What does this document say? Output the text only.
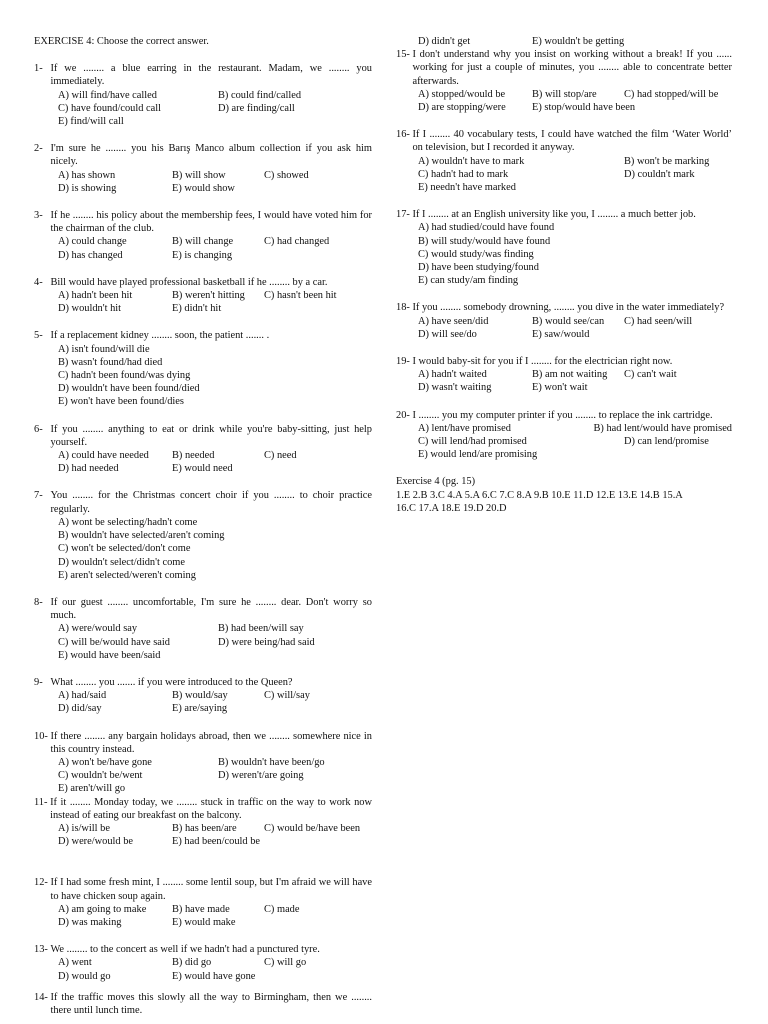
EXERCISE 4: Choose the correct answer.
1- If we ........ a blue earring in the restaurant. Madam, we ........ you immediately.
A) will find/have called	B) could find/called
C) have found/could call	D) are finding/call
E) find/will call
2- I'm sure he ........ you his Barış Manco album collection if you ask him nicely.
A) has shown	B) will show	C) showed
D) is showing	E) would show
3- If he ........ his policy about the membership fees, I would have voted him for the chairman of the club.
A) could change	B) will change	C) had changed
D) has changed	E) is changing
4- Bill would have played professional basketball if he ........ by a car.
A) hadn't been hit	B) weren't hitting	C) hasn't been hit
D) wouldn't hit	E) didn't hit
5- If a replacement kidney ........ soon, the patient ....... .
A) isn't found/will die
B) wasn't found/had died
C) hadn't been found/was dying
D) wouldn't have been found/died
E) won't have been found/dies
6- If you ........ anything to eat or drink while you're baby-sitting, just help yourself.
A) could have needed	B) needed	C) need
D) had needed	E) would need
7- You ........ for the Christmas concert choir if you ........ to choir practice regularly.
A) wont be selecting/hadn't come
B) wouldn't have selected/aren't coming
C) won't be selected/don't come
D) wouldn't select/didn't come
E) aren't selected/weren't coming
8- If our guest ........ uncomfortable, I'm sure he ........ dear. Don't worry so much.
A) were/would say	B) had been/will say
C) will be/would have said	D) were being/had said
E) would have been/said
9- What ........ you ....... if you were introduced to the Queen?
A) had/said	B) would/say	C) will/say
D) did/say	E) are/saying
10- If there ........ any bargain holidays abroad, then we ........ somewhere nice in this country instead.
A) won't be/have gone	B) wouldn't have been/go
C) wouldn't be/went	D) weren't/are going
E) aren't/will go
11- If it ........ Monday today, we ........ stuck in traffic on the way to work now instead of eating our breakfast on the balcony.
A) is/will be	B) has been/are	C) would be/have been
D) were/would be	E) had been/could be
12- If I had some fresh mint, I ........ some lentil soup, but I'm afraid we will have to have chicken soup again.
A) am going to make	B) have made	C) made
D) was making	E) would make
13- We ........ to the concert as well if we hadn't had a punctured tyre.
A) went	B) did go	C) will go
D) would go	E) would have gone
14- If the traffic moves this slowly all the way to Birmingham, then we ........ there until lunch time.
D) didn't get	E) wouldn't be getting
15- I don't understand why you insist on working without a break! If you ...... working for just a couple of minutes, you ........ able to concentrate better afterwards.
A) stopped/would be	B) will stop/are	C) had stopped/will be
D) are stopping/were	E) stop/would have been
16- If I ........ 40 vocabulary tests, I could have watched the film ‘Water World’ on television, but I recorded it anyway.
A) wouldn't have to mark	B) won't be marking
C) hadn't had to mark	D) couldn't mark
E) needn't have marked
17- If I ........ at an English university like you, I ........ a much better job.
A) had studied/could have found
B) will study/would have found
C) would study/was finding
D) have been studying/found
E) can study/am finding
18- If you ........ somebody drowning, ........ you dive in the water immediately?
A) have seen/did	B) would see/can	C) had seen/will
D) will see/do	E) saw/would
19- I would baby-sit for you if I ........ for the electrician right now.
A) hadn't waited	B) am not waiting	C) can't wait
D) wasn't waiting	E) won't wait
20- I ........ you my computer printer if you ........ to replace the ink cartridge.
A) lent/have promised	B) had lent/would have promised
C) will lend/had promised	D) can lend/promise
E) would lend/are promising
Exercise 4 (pg. 15)
1.E 2.B 3.C 4.A 5.A 6.C 7.C 8.A 9.B 10.E 11.D 12.E 13.E 14.B 15.A
16.C 17.A 18.E 19.D 20.D
